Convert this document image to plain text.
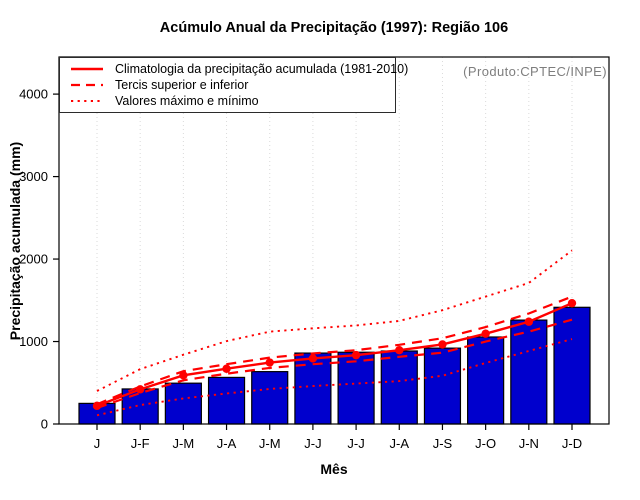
Acúmulo Anual da Precipitação (1997): Região 106
J J-F J-M J-A J-M J-J J-J J-A J-S J-O J-N J-D
0
1000
2000
3000
4000
Climatologia da precipitação acumulada (1981-2010)
Tercis superior e inferior
Valores máximo e mínimo
(Produto:CPTEC/INPE)
Mês
Precipitação acumulada (mm)
